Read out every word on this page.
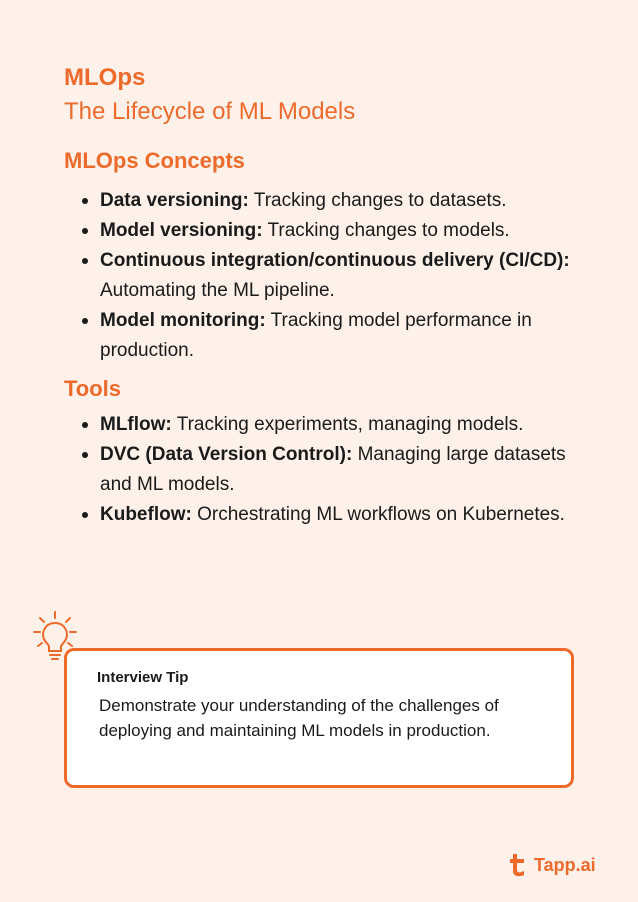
MLOps
The Lifecycle of ML Models
MLOps Concepts
Data versioning: Tracking changes to datasets.
Model versioning: Tracking changes to models.
Continuous integration/continuous delivery (CI/CD): Automating the ML pipeline.
Model monitoring: Tracking model performance in production.
Tools
MLflow: Tracking experiments, managing models.
DVC (Data Version Control): Managing large datasets and ML models.
Kubeflow: Orchestrating ML workflows on Kubernetes.
Interview Tip
Demonstrate your understanding of the challenges of deploying and maintaining ML models in production.
Tapp.ai
